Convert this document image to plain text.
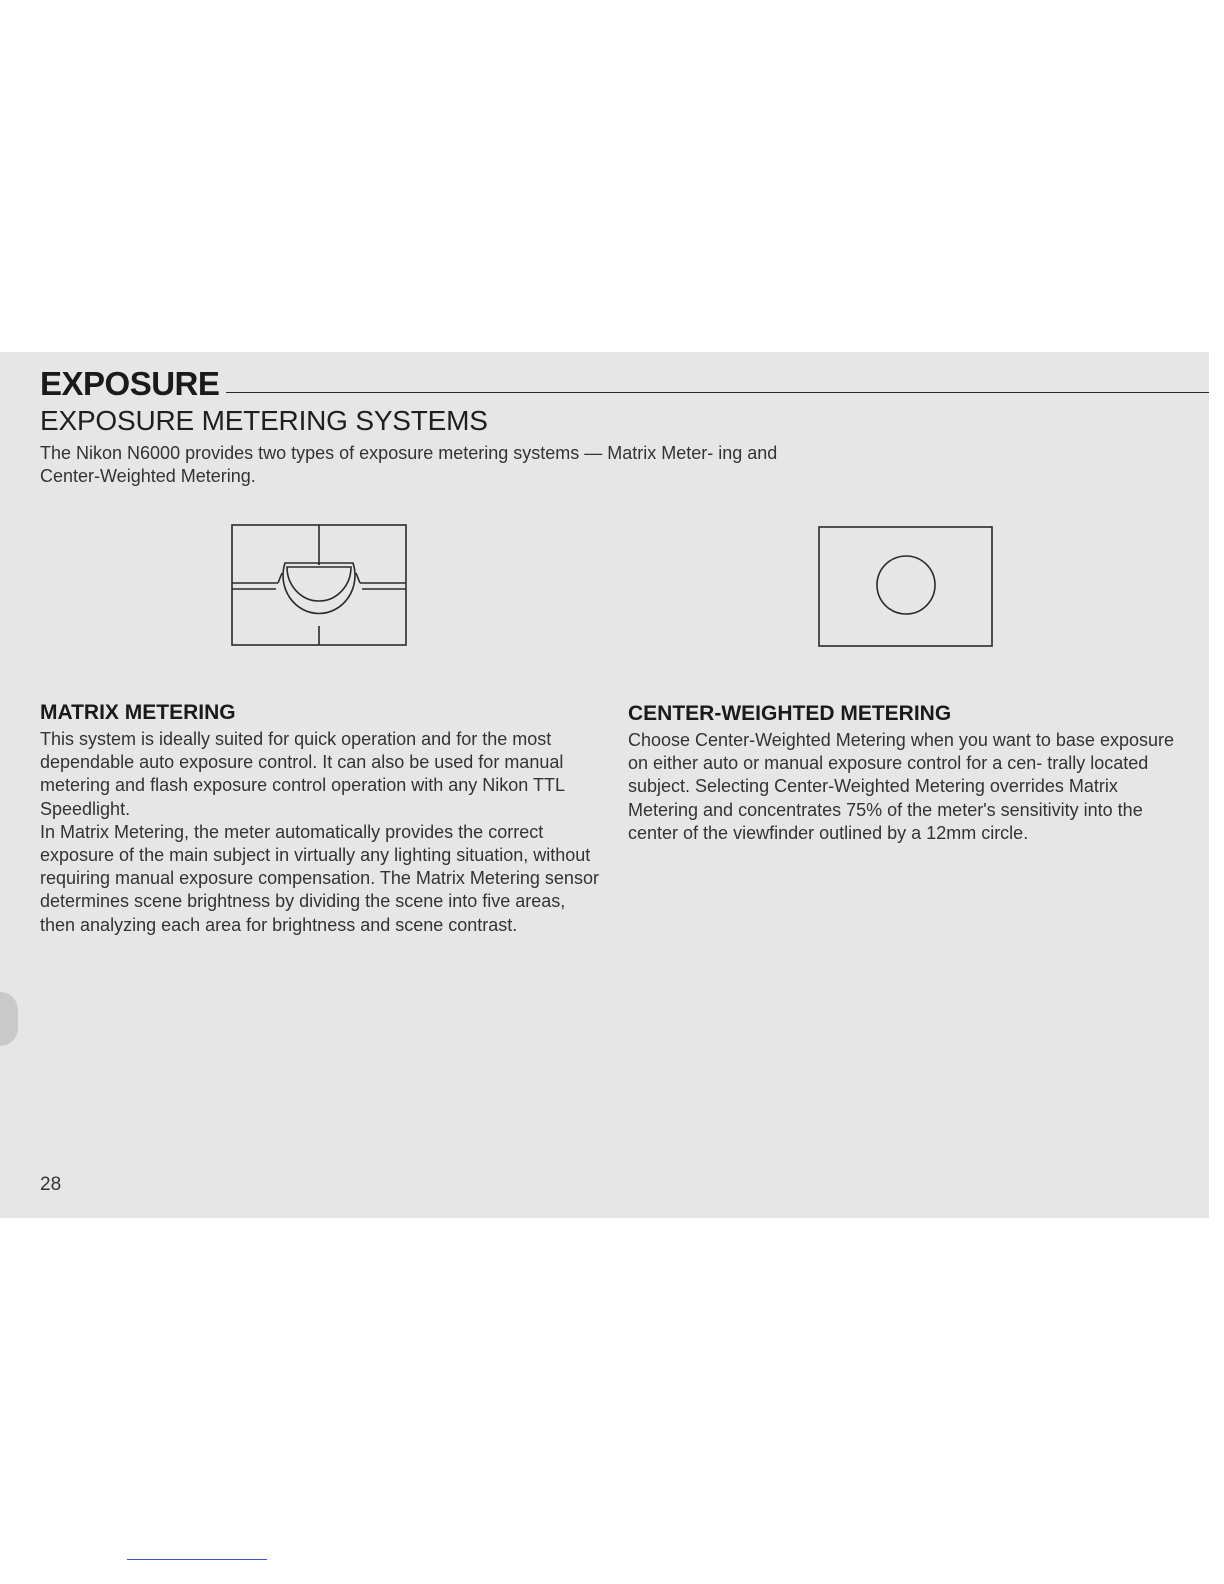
EXPOSURE
EXPOSURE METERING SYSTEMS

The Nikon N6000 provides two types of exposure metering systems — Matrix Meter- ing and Center-Weighted Metering.

MATRIX METERING

This system is ideally suited for quick operation and for the most dependable auto exposure control. It can also be used for manual metering and flash exposure control operation with any Nikon TTL Speedlight.

In Matrix Metering, the meter automatically provides the correct exposure of the main subject in virtually any lighting situation, without requiring manual exposure compensation. The Matrix Metering sensor determines scene brightness by dividing the scene into five areas, then analyzing each area for brightness and scene contrast.

CENTER-WEIGHTED METERING

Choose Center-Weighted Metering when you want to base exposure on either auto or manual exposure control for a cen- trally located subject. Selecting Center-Weighted Metering overrides Matrix Metering and concentrates 75% of the meter's sensitivity into the center of the viewfinder outlined by a 12mm circle.

28
